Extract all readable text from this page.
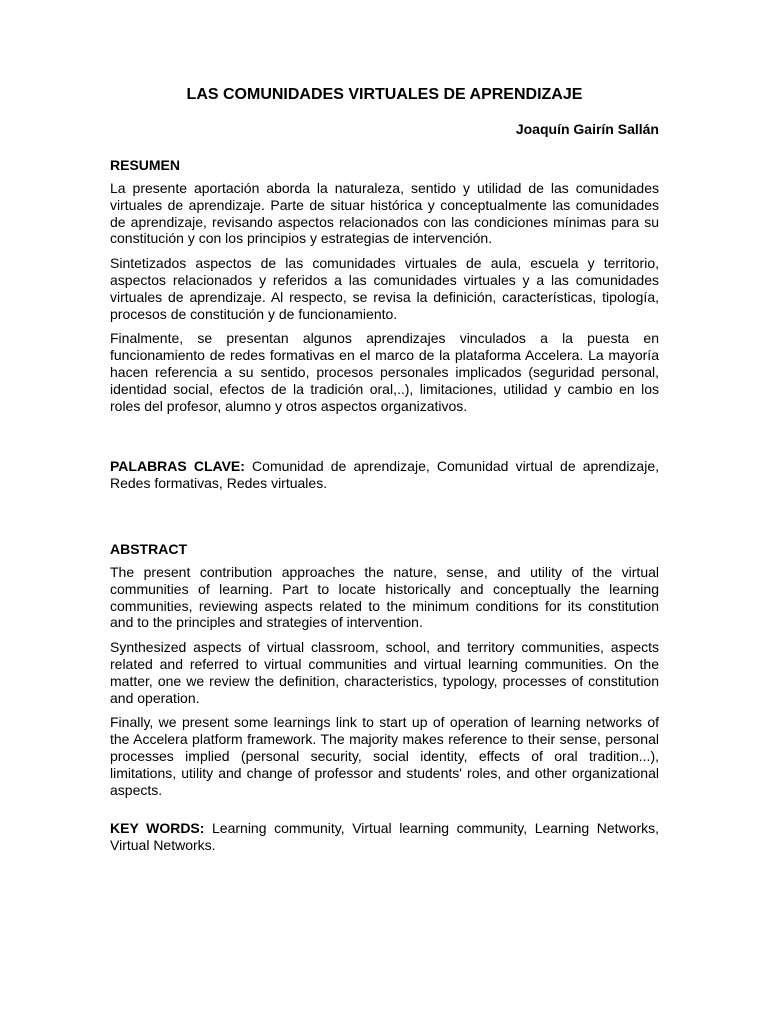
LAS COMUNIDADES VIRTUALES DE APRENDIZAJE

Joaquín Gairín Sallán

RESUMEN

La presente aportación aborda la naturaleza, sentido y utilidad de las comunidades virtuales de aprendizaje. Parte de situar histórica y conceptualmente las comunidades de aprendizaje, revisando aspectos relacionados con las condiciones mínimas para su constitución y con los principios y estrategias de intervención.

Sintetizados aspectos de las comunidades virtuales de aula, escuela y territorio, aspectos relacionados y referidos a las comunidades virtuales y a las comunidades virtuales de aprendizaje. Al respecto, se revisa la definición, características, tipología, procesos de constitución y de funcionamiento.

Finalmente, se presentan algunos aprendizajes vinculados a la puesta en funcionamiento de redes formativas en el marco de la plataforma Accelera. La mayoría hacen referencia a su sentido, procesos personales implicados (seguridad personal, identidad social, efectos de la tradición oral,..), limitaciones, utilidad y cambio en los roles del profesor, alumno y otros aspectos organizativos.

PALABRAS CLAVE: Comunidad de aprendizaje, Comunidad virtual de aprendizaje, Redes formativas, Redes virtuales.

ABSTRACT

The present contribution approaches the nature, sense, and utility of the virtual communities of learning. Part to locate historically and conceptually the learning communities, reviewing aspects related to the minimum conditions for its constitution and to the principles and strategies of intervention.

Synthesized aspects of virtual classroom, school, and territory communities, aspects related and referred to virtual communities and virtual learning communities. On the matter, one we review the definition, characteristics, typology, processes of constitution and operation.

Finally, we present some learnings link to start up of operation of learning networks of the Accelera platform framework. The majority makes reference to their sense, personal processes implied (personal security, social identity, effects of oral tradition...), limitations, utility and change of professor and students' roles, and other organizational aspects.

KEY WORDS: Learning community, Virtual learning community, Learning Networks, Virtual Networks.
